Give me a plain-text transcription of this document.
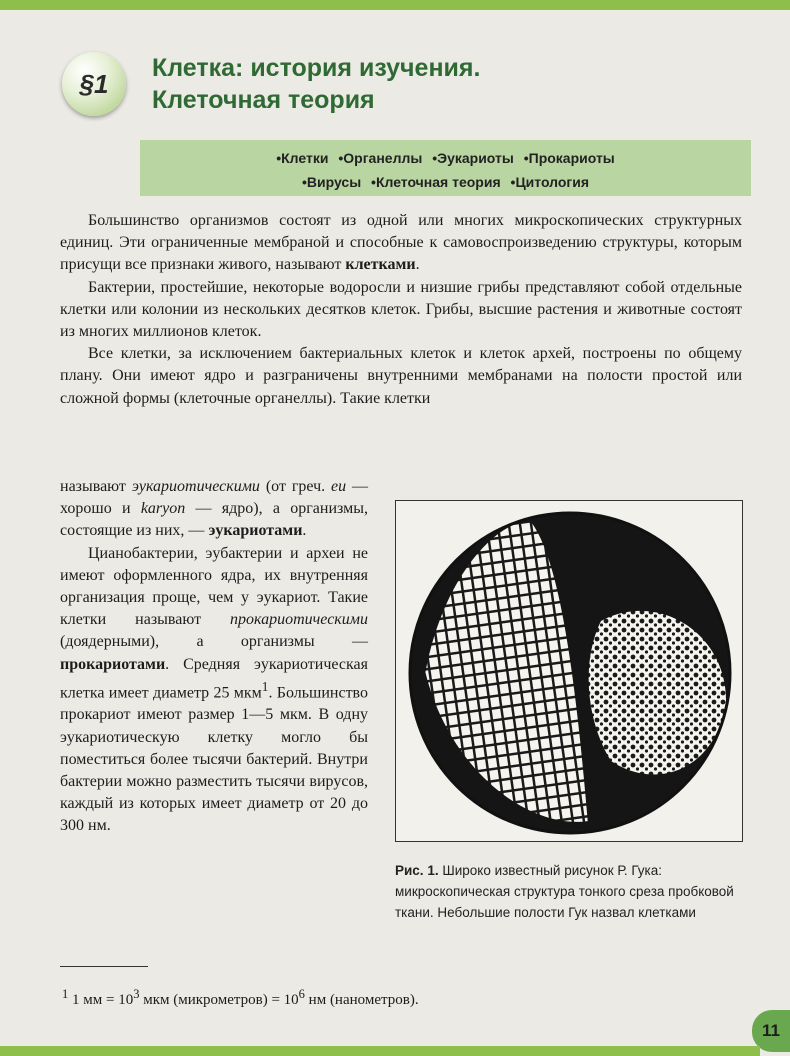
§1
Клетка: история изучения.
Клеточная теория
• Клетки • Органеллы • Эукариоты • Прокариоты
• Вирусы • Клеточная теория • Цитология

Большинство организмов состоят из одной или многих микроскопических структурных единиц. Эти ограниченные мембраной и способные к самовоспроизведению структуры, которым присущи все признаки живого, называют клетками.

Бактерии, простейшие, некоторые водоросли и низшие грибы представляют собой отдельные клетки или колонии из нескольких десятков клеток. Грибы, высшие растения и животные состоят из многих миллионов клеток.

Все клетки, за исключением бактериальных клеток и клеток архей, построены по общему плану. Они имеют ядро и разграничены внутренними мембранами на полости простой или сложной формы (клеточные органеллы). Такие клетки

называют эукариотическими (от греч. eu — хорошо и karyon — ядро), а организмы, состоящие из них, — эукариотами.

Цианобактерии, эубактерии и археи не имеют оформленного ядра, их внутренняя организация проще, чем у эукариот. Такие клетки называют прокариотическими (доядерными), а организмы — прокариотами. Средняя эукариотическая клетка имеет диаметр 25 мкм$^1$. Большинство прокариот имеют размер 1—5 мкм. В одну эукариотическую клетку могло бы поместиться более тысячи бактерий. Внутри бактерии можно разместить тысячи вирусов, каждый из которых имеет диаметр от 20 до 300 нм.

Рис. 1. Широко известный рисунок Р. Гука: микроскопическая структура тонкого среза пробковой ткани. Небольшие полости Гук назвал клетками
$^1$ 1 мм = $10^3$ мкм (микрометров) = $10^6$ нм (нанометров).
11
